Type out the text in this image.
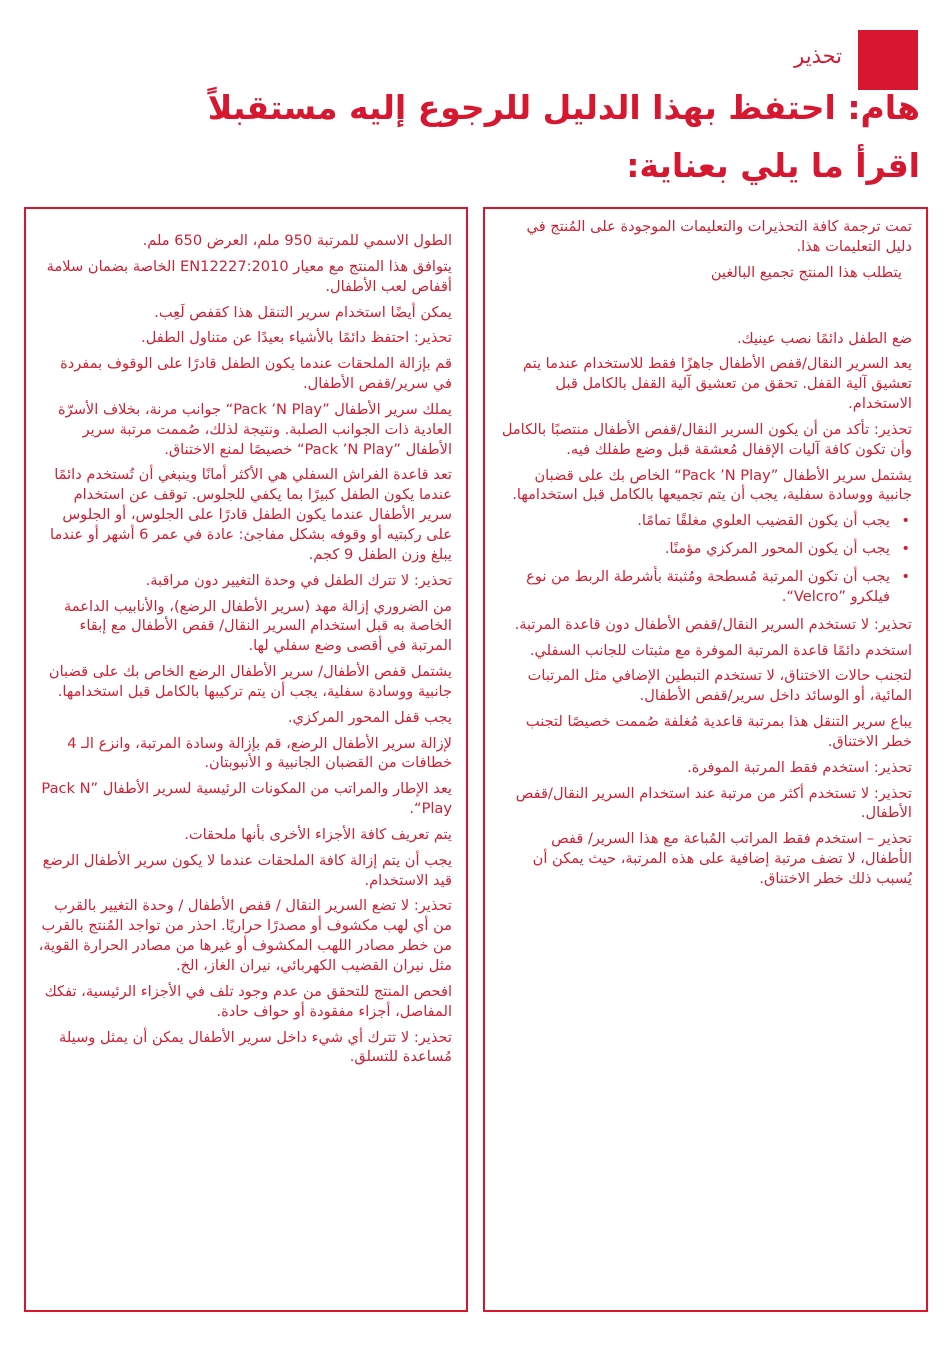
تحذير
هام: احتفظ بهذا الدليل للرجوع إليه مستقبلاً
اقرأ ما يلي بعناية:

تمت ترجمة كافة التحذيرات والتعليمات الموجودة على المُنتج في دليل التعليمات هذا.

يتطلب هذا المنتج تجميع البالغين

ضع الطفل دائمًا نصب عينيك.

يعد السرير النقال/قفص الأطفال جاهزًا فقط للاستخدام عندما يتم تعشيق آلية القفل. تحقق من تعشيق آلية القفل بالكامل قبل الاستخدام.

تحذير: تأكد من أن يكون السرير النقال/قفص الأطفال منتصبًا بالكامل وأن تكون كافة آليات الإقفال مُعشقة قبل وضع طفلك فيه.

يشتمل سرير الأطفال ”Pack ’N Play“ الخاص بك على قضبان جانبية ووسادة سفلية، يجب أن يتم تجميعها بالكامل قبل استخدامها.

• يجب أن يكون القضيب العلوي مغلقًا تمامًا.
• يجب أن يكون المحور المركزي مؤمنًا.
• يجب أن تكون المرتبة مُسطحة ومُثبتة بأشرطة الربط من نوع فيلكرو ”Velcro“.

تحذير: لا تستخدم السرير النقال/قفص الأطفال دون قاعدة المرتبة.

استخدم دائمًا قاعدة المرتبة الموفرة مع مثبتات للجانب السفلي.

لتجنب حالات الاختناق، لا تستخدم التبطين الإضافي مثل المرتبات المائية، أو الوسائد داخل سرير/قفص الأطفال.

يباع سرير التنقل هذا بمرتبة قاعدية مُغلفة صُممت خصيصًا لتجنب خطر الاختناق.

تحذير: استخدم فقط المرتبة الموفرة.

تحذير: لا تستخدم أكثر من مرتبة عند استخدام السرير النقال/قفص الأطفال.

تحذير – استخدم فقط المراتب المُباعة مع هذا السرير/ قفص الأطفال، لا تضف مرتبة إضافية على هذه المرتبة، حيث يمكن أن يُسبب ذلك خطر الاختناق.

الطول الاسمي للمرتبة 950 ملم، العرض 650 ملم.

يتوافق هذا المنتج مع معيار EN12227:2010 الخاصة بضمان سلامة أقفاص لعب الأطفال.

يمكن أيضًا استخدام سرير التنقل هذا كقفص لَعِب.

تحذير: احتفظ دائمًا بالأشياء بعيدًا عن متناول الطفل.

قم بإزالة الملحقات عندما يكون الطفل قادرًا على الوقوف بمفردة في سرير/قفص الأطفال.

يملك سرير الأطفال ”Pack ’N Play“ جوانب مرنة، بخلاف الأسرّة العادية ذات الجوانب الصلبة. ونتيجة لذلك، صُممت مرتبة سرير الأطفال ”Pack ’N Play“ خصيصًا لمنع الاختناق.

تعد قاعدة الفراش السفلي هي الأكثر أمانًا وينبغي أن تُستخدم دائمًا عندما يكون الطفل كبيرًا بما يكفي للجلوس. توقف عن استخدام سرير الأطفال عندما يكون الطفل قادرًا على الجلوس، أو الجلوس على ركبتيه أو وقوفه بشكل مفاجئ: عادة في عمر 6 أشهر أو عندما يبلغ وزن الطفل 9 كجم.

تحذير: لا تترك الطفل في وحدة التغيير دون مراقبة.

من الضروري إزالة مهد (سرير الأطفال الرضع)، والأنابيب الداعمة الخاصة به قبل استخدام السرير النقال/ قفص الأطفال مع إبقاء المرتبة في أقصى وضع سفلي لها.

يشتمل قفص الأطفال/ سرير الأطفال الرضع الخاص بك على قضبان جانبية ووسادة سفلية، يجب أن يتم تركيبها بالكامل قبل استخدامها.

يجب قفل المحور المركزي.

لإزالة سرير الأطفال الرضع، قم بإزالة وسادة المرتبة، وانزع الـ 4 خطافات من القضبان الجانبية و الأنبوبتان.

يعد الإطار والمراتب من المكونات الرئيسية لسرير الأطفال ”Pack N Play“.

يتم تعريف كافة الأجزاء الأخرى بأنها ملحقات.

يجب أن يتم إزالة كافة الملحقات عندما لا يكون سرير الأطفال الرضع قيد الاستخدام.

تحذير: لا تضع السرير النقال / قفص الأطفال / وحدة التغيير بالقرب من أي لهب مكشوف أو مصدرًا حراريًا. احذر من تواجد المُنتج بالقرب من خطر مصادر اللهب المكشوف أو غيرها من مصادر الحرارة القوية، مثل نيران القضيب الكهربائي، نيران الغاز، الخ.

افحص المنتج للتحقق من عدم وجود تلف في الأجزاء الرئيسية، تفكك المفاصل، أجزاء مفقودة أو حواف حادة.

تحذير: لا تترك أي شيء داخل سرير الأطفال يمكن أن يمثل وسيلة مُساعدة للتسلق.
